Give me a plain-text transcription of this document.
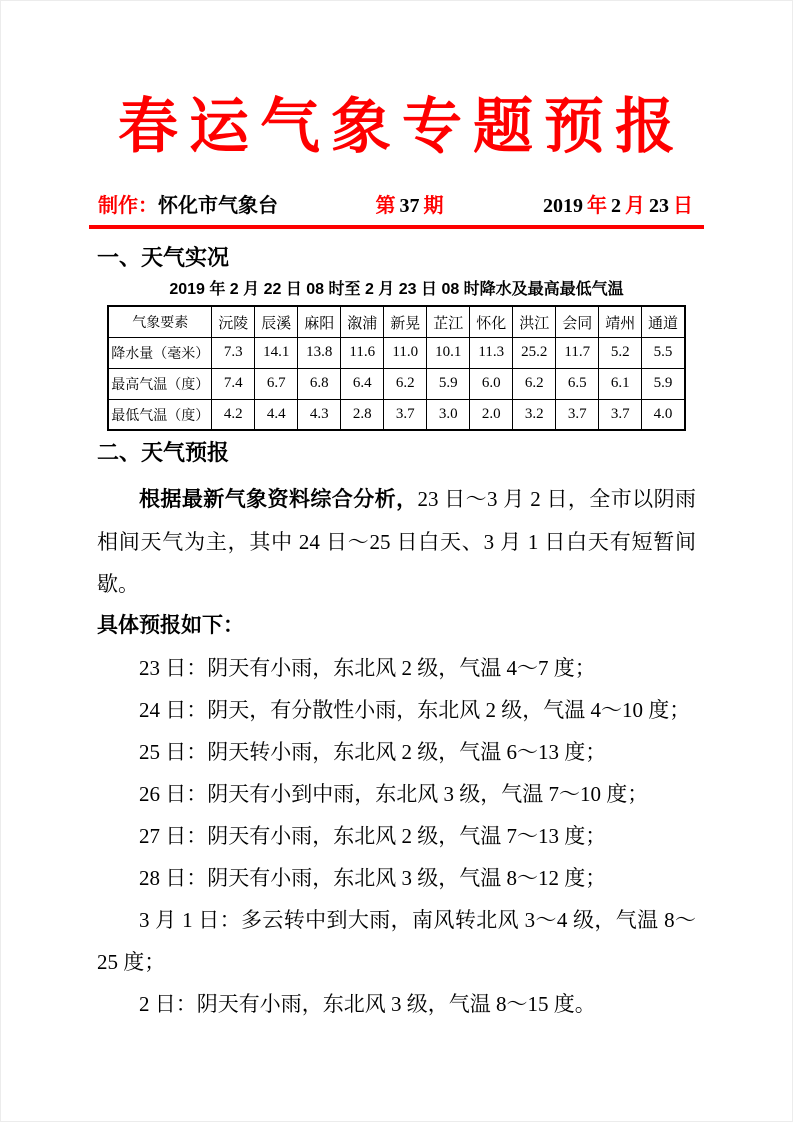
春运气象专题预报
制作：怀化市气象台	第 37 期	2019 年 2 月 23 日
一、天气实况
2019 年 2 月 22 日 08 时至 2 月 23 日 08 时降水及最高最低气温
气象要素	沅陵	辰溪	麻阳	溆浦	新晃	芷江	怀化	洪江	会同	靖州	通道
降水量（毫米）	7.3	14.1	13.8	11.6	11.0	10.1	11.3	25.2	11.7	5.2	5.5
最高气温（度）	7.4	6.7	6.8	6.4	6.2	5.9	6.0	6.2	6.5	6.1	5.9
最低气温（度）	4.2	4.4	4.3	2.8	3.7	3.0	2.0	3.2	3.7	3.7	4.0
二、天气预报

根据最新气象资料综合分析，23 日～3 月 2 日，全市以阴雨相间天气为主，其中 24 日～25 日白天、3 月 1 日白天有短暂间歇。

具体预报如下：

23 日：阴天有小雨，东北风 2 级，气温 4～7 度；

24 日：阴天，有分散性小雨，东北风 2 级，气温 4～10 度；

25 日：阴天转小雨，东北风 2 级，气温 6～13 度；

26 日：阴天有小到中雨，东北风 3 级，气温 7～10 度；

27 日：阴天有小雨，东北风 2 级，气温 7～13 度；

28 日：阴天有小雨，东北风 3 级，气温 8～12 度；

3 月 1 日：多云转中到大雨，南风转北风 3～4 级，气温 8～25 度；

2 日：阴天有小雨，东北风 3 级，气温 8～15 度。
